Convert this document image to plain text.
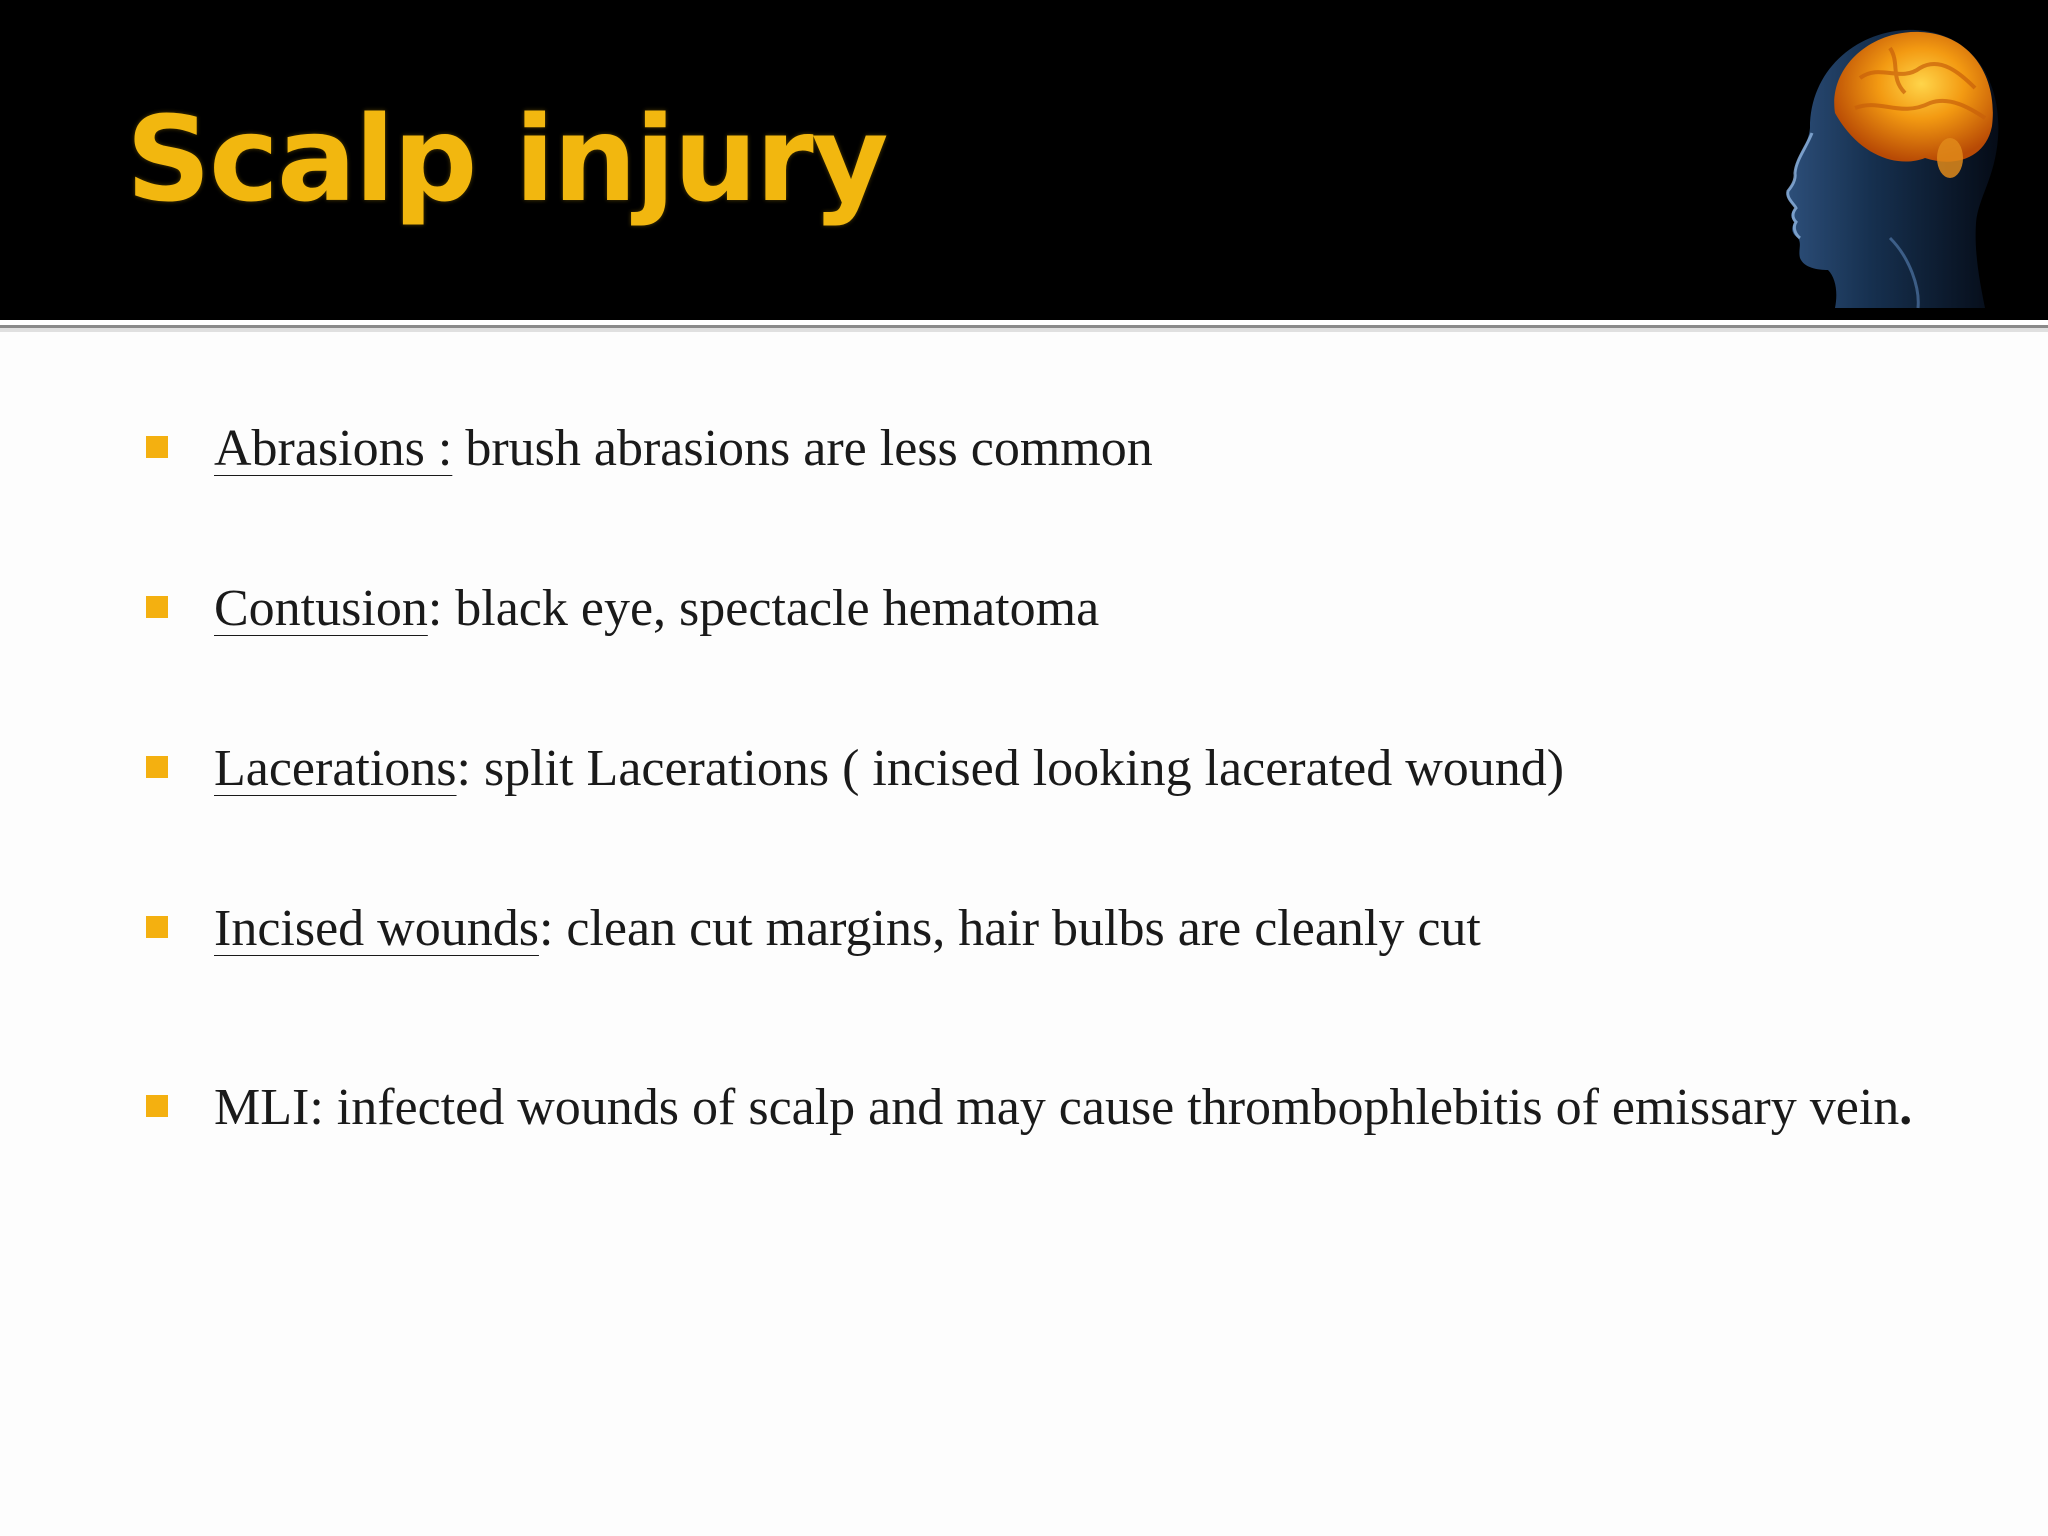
Scalp injury
Abrasions : brush abrasions are less common
Contusion: black eye, spectacle hematoma
Lacerations: split Lacerations ( incised looking lacerated wound)
Incised wounds: clean cut margins, hair bulbs are cleanly cut
MLI: infected wounds of scalp and may cause thrombophlebitis of emissary vein.
